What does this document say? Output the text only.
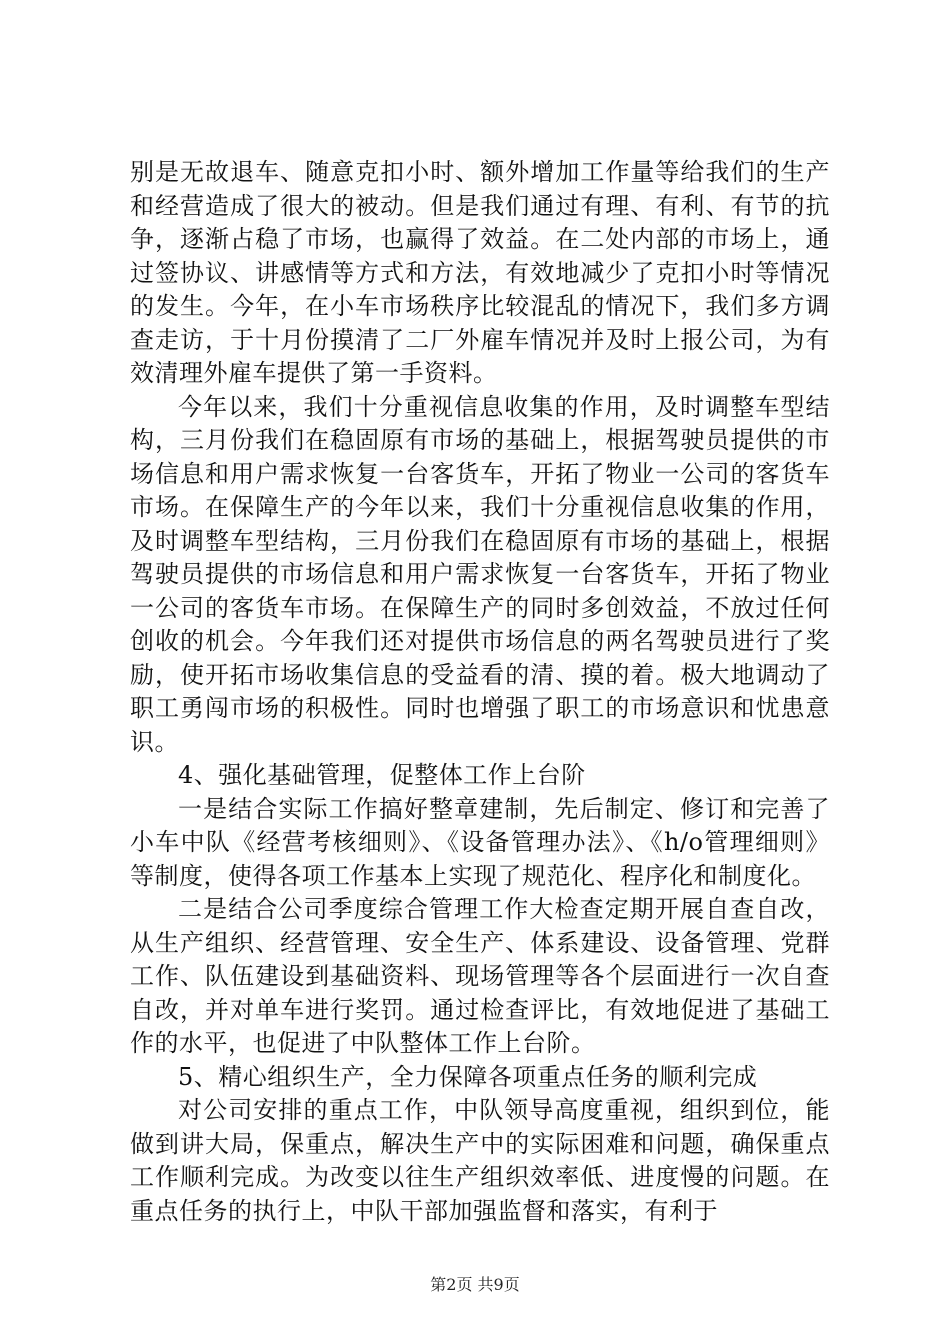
别是无故退车、随意克扣小时、额外增加工作量等给我们的生产和经营造成了很大的被动。但是我们通过有理、有利、有节的抗争，逐渐占稳了市场，也赢得了效益。在二处内部的市场上，通过签协议、讲感情等方式和方法，有效地减少了克扣小时等情况的发生。今年，在小车市场秩序比较混乱的情况下，我们多方调查走访，于十月份摸清了二厂外雇车情况并及时上报公司，为有效清理外雇车提供了第一手资料。

今年以来，我们十分重视信息收集的作用，及时调整车型结构，三月份我们在稳固原有市场的基础上，根据驾驶员提供的市场信息和用户需求恢复一台客货车，开拓了物业一公司的客货车市场。在保障生产的今年以来，我们十分重视信息收集的作用，及时调整车型结构，三月份我们在稳固原有市场的基础上，根据驾驶员提供的市场信息和用户需求恢复一台客货车，开拓了物业一公司的客货车市场。在保障生产的同时多创效益，不放过任何创收的机会。今年我们还对提供市场信息的两名驾驶员进行了奖励，使开拓市场收集信息的受益看的清、摸的着。极大地调动了职工勇闯市场的积极性。同时也增强了职工的市场意识和忧患意识。

4、强化基础管理，促整体工作上台阶

一是结合实际工作搞好整章建制，先后制定、修订和完善了小车中队《经营考核细则》、《设备管理办法》、《h/o管理细则》等制度，使得各项工作基本上实现了规范化、程序化和制度化。

二是结合公司季度综合管理工作大检查定期开展自查自改，从生产组织、经营管理、安全生产、体系建设、设备管理、党群工作、队伍建设到基础资料、现场管理等各个层面进行一次自查自改，并对单车进行奖罚。通过检查评比，有效地促进了基础工作的水平，也促进了中队整体工作上台阶。

5、精心组织生产，全力保障各项重点任务的顺利完成

对公司安排的重点工作，中队领导高度重视，组织到位，能做到讲大局，保重点，解决生产中的实际困难和问题，确保重点工作顺利完成。为改变以往生产组织效率低、进度慢的问题。在重点任务的执行上，中队干部加强监督和落实，有利于

第2页 共9页
